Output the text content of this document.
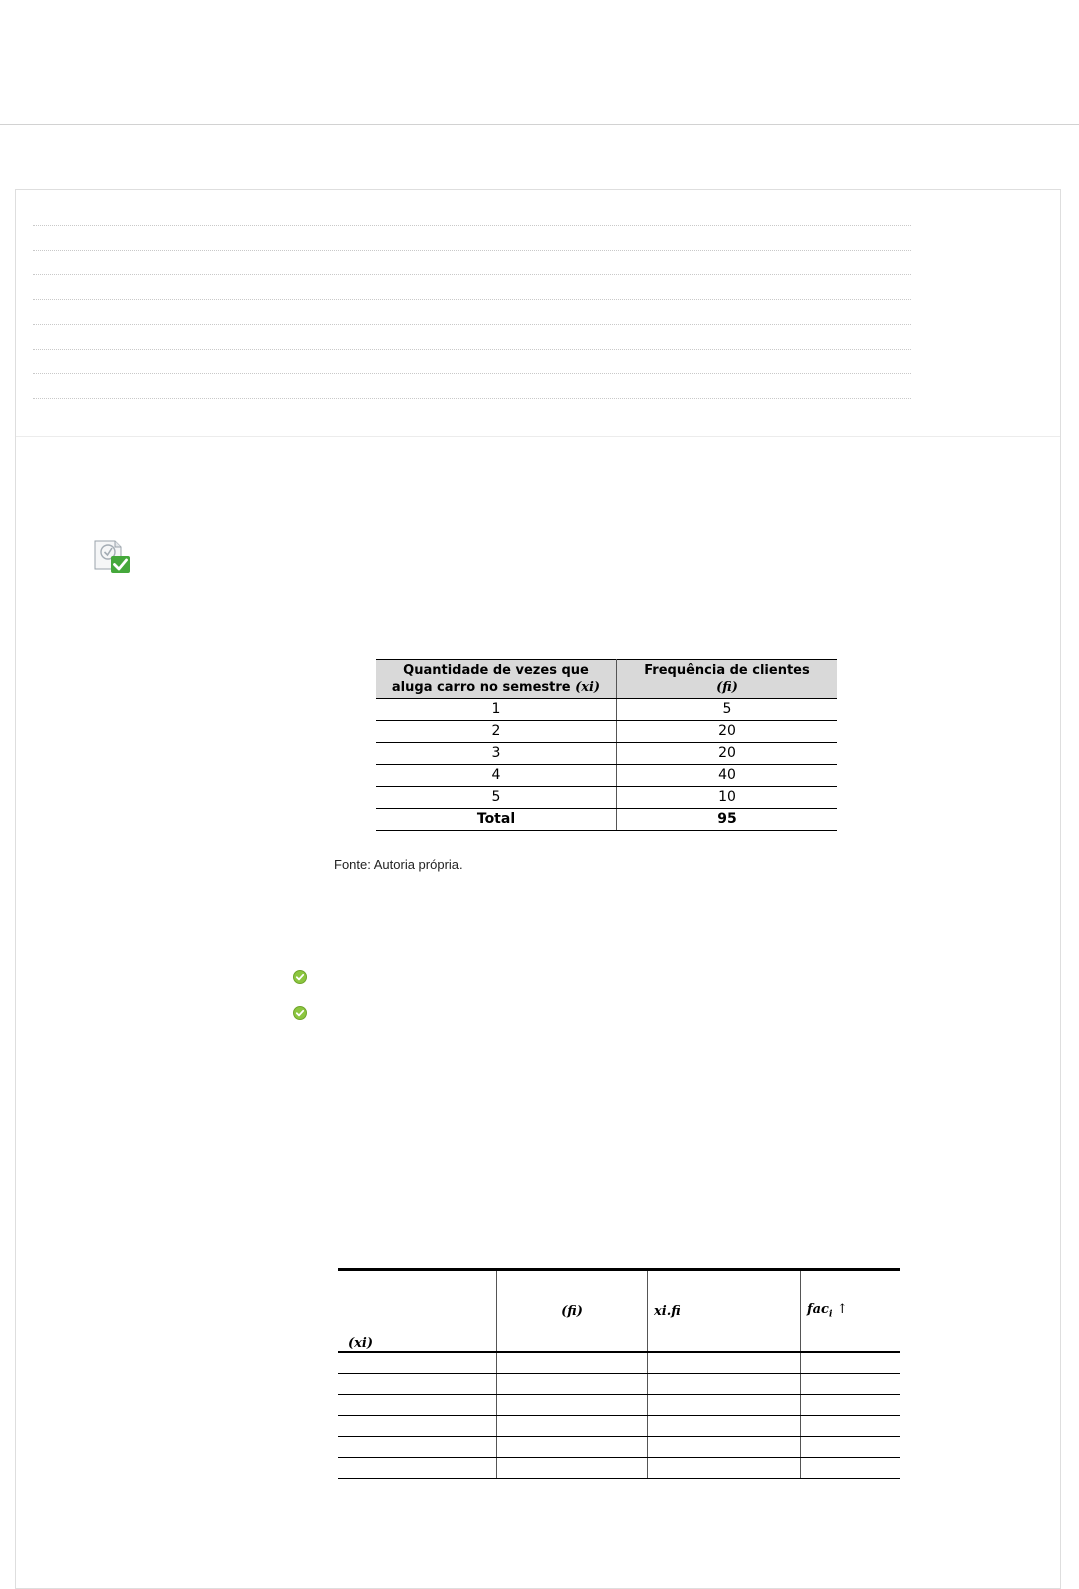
Quantidade de vezes que aluga carro no semestre (xi)	Frequência de clientes
(fi)
1	5
2	20
3	20
4	40
5	10
Total	95
Fonte: Autoria própria.
(xi)	(fi)	xi.fi	fac$_i$ ↑
